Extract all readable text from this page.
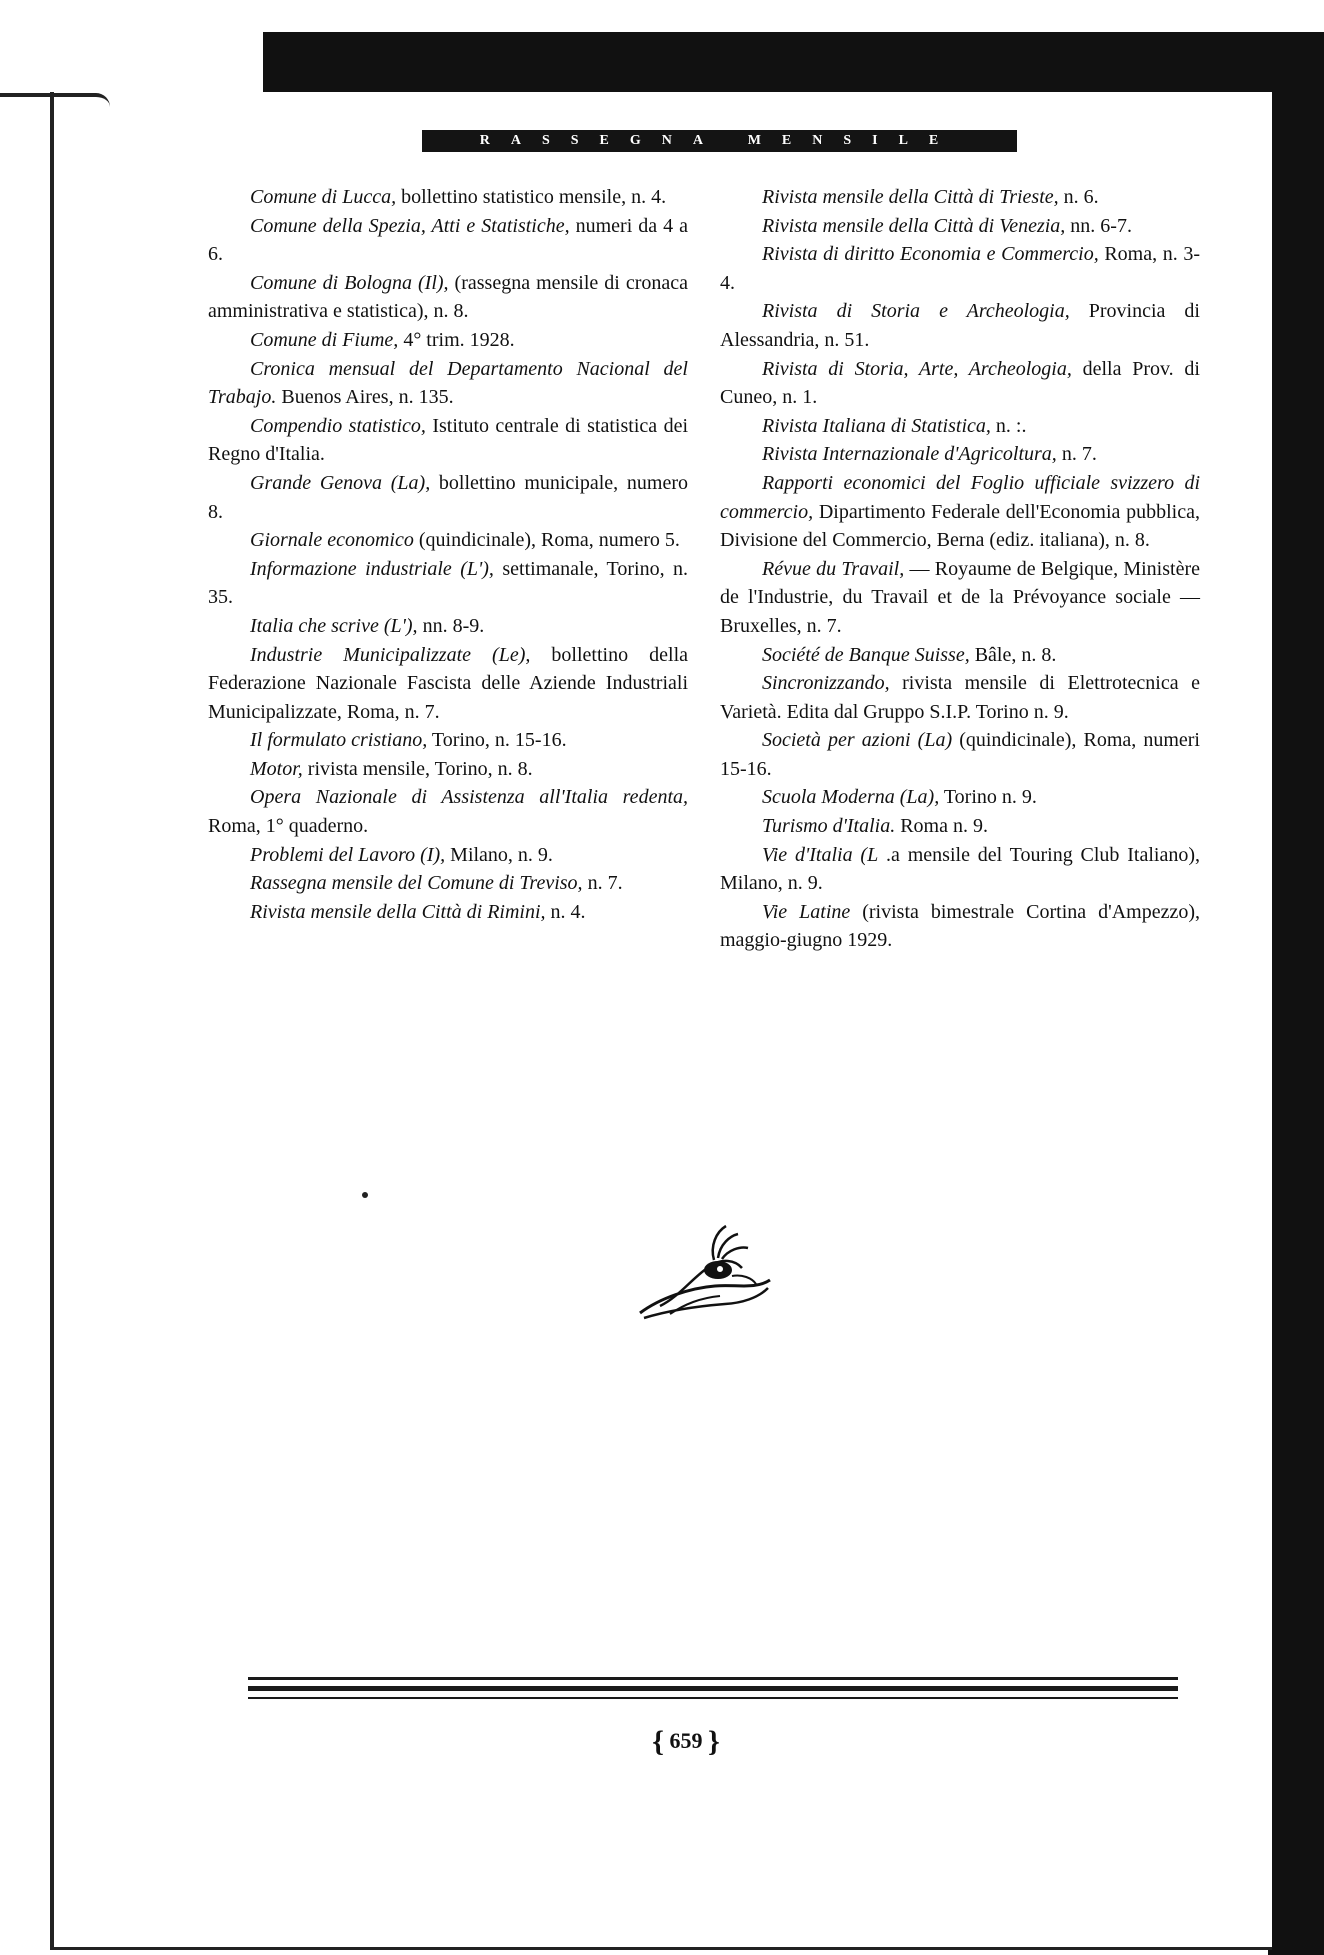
RASSEGNA MENSILE

Comune di Lucca, bollettino statistico mensile, n. 4.

Comune della Spezia, Atti e Statistiche, numeri da 4 a 6.

Comune di Bologna (Il), (rassegna mensile di cronaca amministrativa e statistica), n. 8.

Comune di Fiume, 4° trim. 1928.

Cronica mensual del Departamento Nacional del Trabajo. Buenos Aires, n. 135.

Compendio statistico, Istituto centrale di statistica dei Regno d'Italia.

Grande Genova (La), bollettino municipale, numero 8.

Giornale economico (quindicinale), Roma, numero 5.

Informazione industriale (L'), settimanale, Torino, n. 35.

Italia che scrive (L'), nn. 8-9.

Industrie Municipalizzate (Le), bollettino della Federazione Nazionale Fascista delle Aziende Industriali Municipalizzate, Roma, n. 7.

Il formulato cristiano, Torino, n. 15-16.

Motor, rivista mensile, Torino, n. 8.

Opera Nazionale di Assistenza all'Italia redenta, Roma, 1° quaderno.

Problemi del Lavoro (I), Milano, n. 9.

Rassegna mensile del Comune di Treviso, n. 7.

Rivista mensile della Città di Rimini, n. 4.

Rivista mensile della Città di Trieste, n. 6.

Rivista mensile della Città di Venezia, nn. 6-7.

Rivista di diritto Economia e Commercio, Roma, n. 3-4.

Rivista di Storia e Archeologia, Provincia di Alessandria, n. 51.

Rivista di Storia, Arte, Archeologia, della Prov. di Cuneo, n. 1.

Rivista Italiana di Statistica, n. :.

Rivista Internazionale d'Agricoltura, n. 7.

Rapporti economici del Foglio ufficiale svizzero di commercio, Dipartimento Federale dell'Economia pubblica, Divisione del Commercio, Berna (ediz. italiana), n. 8.

Révue du Travail, — Royaume de Belgique, Ministère de l'Industrie, du Travail et de la Prévoyance sociale — Bruxelles, n. 7.

Société de Banque Suisse, Bâle, n. 8.

Sincronizzando, rivista mensile di Elettrotecnica e Varietà. Edita dal Gruppo S.I.P. Torino n. 9.

Società per azioni (La) (quindicinale), Roma, numeri 15-16.

Scuola Moderna (La), Torino n. 9.

Turismo d'Italia. Roma n. 9.

Vie d'Italia (L .a mensile del Touring Club Italiano), Milano, n. 9.

Vie Latine (rivista bimestrale Cortina d'Ampezzo), maggio-giugno 1929.

{ 659 }
